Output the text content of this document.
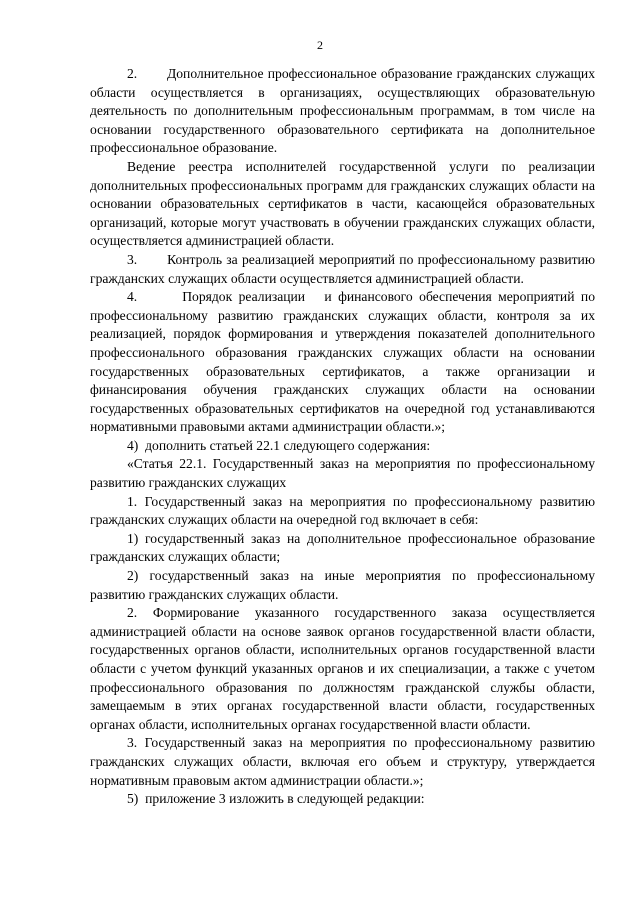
2

2.       Дополнительное профессиональное образование гражданских служащих области осуществляется в организациях, осуществляющих образовательную деятельность по дополнительным профессиональным программам, в том числе на основании государственного образовательного сертификата на дополнительное профессиональное образование.

Ведение реестра исполнителей государственной услуги по реализации дополнительных профессиональных программ для гражданских служащих области на основании образовательных сертификатов в части, касающейся образовательных организаций, которые могут участвовать в обучении гражданских служащих области, осуществляется администрацией области.

3.       Контроль за реализацией мероприятий по профессиональному развитию гражданских служащих области осуществляется администрацией области.

4.       Порядок реализации   и финансового обеспечения мероприятий по профессиональному развитию гражданских служащих области, контроля за их реализацией, порядок формирования и утверждения показателей дополнительного профессионального образования гражданских служащих области на основании государственных образовательных сертификатов, а также организации и финансирования обучения гражданских служащих области на основании государственных образовательных сертификатов на очередной год устанавливаются нормативными правовыми актами администрации области.»;

4)  дополнить статьей 22.1 следующего содержания:

«Статья 22.1. Государственный заказ на мероприятия по профессиональному развитию гражданских служащих

1. Государственный заказ на мероприятия по профессиональному развитию гражданских служащих области на очередной год включает в себя:

1) государственный заказ на дополнительное профессиональное образование гражданских служащих области;

2) государственный заказ на иные мероприятия по профессиональному развитию гражданских служащих области.

2. Формирование указанного государственного заказа осуществляется администрацией области на основе заявок органов государственной власти области, государственных органов области, исполнительных органов государственной власти области с учетом функций указанных органов и их специализации, а также с учетом профессионального образования по должностям гражданской службы области, замещаемым в этих органах государственной власти области, государственных органах области, исполнительных органах государственной власти области.

3. Государственный заказ на мероприятия по профессиональному развитию гражданских служащих области, включая его объем и структуру, утверждается нормативным правовым актом администрации области.»;

5)  приложение 3 изложить в следующей редакции:
